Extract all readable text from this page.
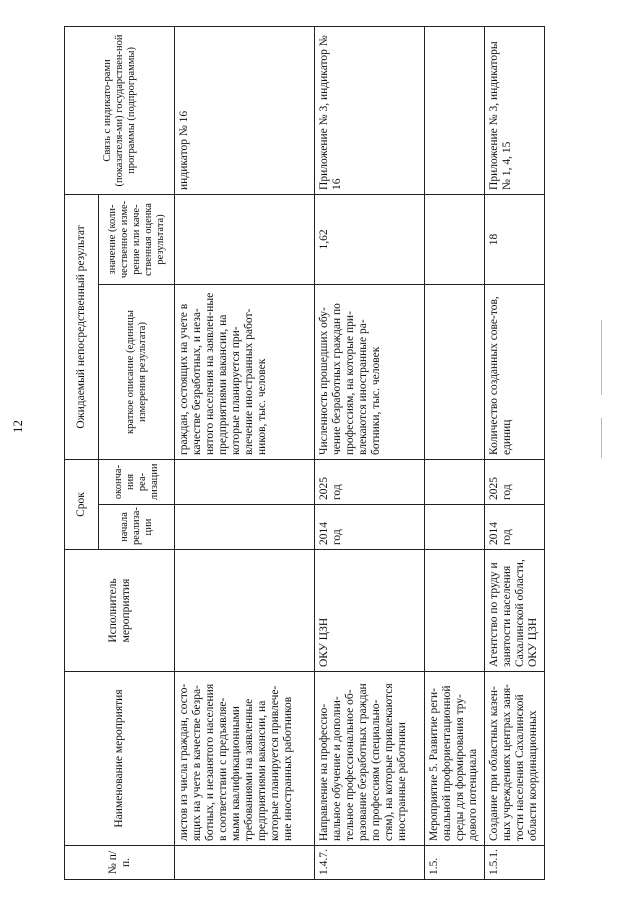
12
№ п/п.	Наименование мероприятия	Исполнитель мероприятия	Срок		Ожидаемый непосредственный результат		Связь с индикато-рами (показателя-ми) государствен-ной программы (подпрограммы)
			начала реализа-ции	оконча-ния реа-лизации	краткое описание (единицы измерения результата)	значение (коли-чественное изме-рение или каче-ственная оценка результата)	
	листов из числа граждан, состо-ящих на учете в качестве безра-ботных, и незанятого населения в соответствии с предъявляе-мыми квалификационными требованиями на заявленные предприятиями вакансии, на которые планируется привлече-ние иностранных работников				граждан, состоящих на учете в качестве безработных, и неза-нятого населения на заявлен-ные предприятиями вакансии, на которые планируется при-влечение иностранных работ-ников, тыс. человек		индикатор № 16
1.4.7.	Направление на профессио-нальное обучение и дополни-тельное профессиональное об-разование безработных граждан по профессиям (специально-стям), на которые привлекаются иностранные работники	ОКУ ЦЗН	2014 год	2025 год	Численность прошедших обу-чение безработных граждан по профессиям, на которые при-влекаются иностранные ра-ботники, тыс. человек	1,62	Приложение № 3, индикатор № 16
1.5.	Мероприятие 5. Развитие реги-ональной профориентационной среды для формирования тру-дового потенциала						
1.5.1.	Создание при областных казен-ных учреждениях центрах заня-тости населения Сахалинской области координационных	Агентство по труду и занятости населения Сахалинской области, ОКУ ЦЗН	2014 год	2025 год	Количество созданных сове-тов, единиц	18	Приложение № 3, индикаторы № 1, 4, 15
